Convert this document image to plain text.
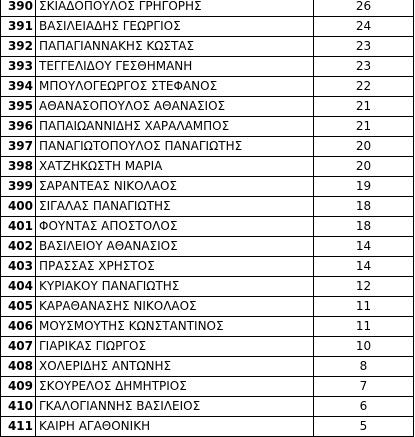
390	ΣΚΙΑΔΟΠΟΥΛΟΣ ΓΡΗΓΟΡΗΣ	26
391	ΒΑΣΙΛΕΙΑΔΗΣ ΓΕΩΡΓΙΟΣ	24
392	ΠΑΠΑΓΙΑΝΝΑΚΗΣ ΚΩΣΤΑΣ	23
393	ΤΕΓΓΕΛΙΔΟΥ ΓΕΣΘΗΜΑΝΗ	23
394	ΜΠΟΥΛΟΓΕΩΡΓΟΣ ΣΤΕΦΑΝΟΣ	22
395	ΑΘΑΝΑΣΟΠΟΥΛΟΣ ΑΘΑΝΑΣΙΟΣ	21
396	ΠΑΠΑΙΩΑΝΝΙΔΗΣ ΧΑΡΑΛΑΜΠΟΣ	21
397	ΠΑΝΑΓΙΩΤΟΠΟΥΛΟΣ ΠΑΝΑΓΙΩΤΗΣ	20
398	ΧΑΤΖΗΚΩΣΤΗ ΜΑΡΙΑ	20
399	ΣΑΡΑΝΤΕΑΣ ΝΙΚΟΛΑΟΣ	19
400	ΣΙΓΑΛΑΣ ΠΑΝΑΓΙΩΤΗΣ	18
401	ΦΟΥΝΤΑΣ ΑΠΟΣΤΟΛΟΣ	18
402	ΒΑΣΙΛΕΙΟΥ ΑΘΑΝΑΣΙΟΣ	14
403	ΠΡΑΣΣΑΣ ΧΡΗΣΤΟΣ	14
404	ΚΥΡΙΑΚΟΥ ΠΑΝΑΓΙΩΤΗΣ	12
405	ΚΑΡΑΘΑΝΑΣΗΣ ΝΙΚΟΛΑΟΣ	11
406	ΜΟΥΣΜΟΥΤΗΣ ΚΩΝΣΤΑΝΤΙΝΟΣ	11
407	ΓΙΑΡΙΚΑΣ ΓΙΩΡΓΟΣ	10
408	ΧΟΛΕΡΙΔΗΣ ΑΝΤΩΝΗΣ	8
409	ΣΚΟΥΡΕΛΟΣ ΔΗΜΗΤΡΙΟΣ	7
410	ΓΚΑΛΟΓΙΑΝΝΗΣ ΒΑΣΙΛΕΙΟΣ	6
411	ΚΑΙΡΗ ΑΓΑΘΟΝΙΚΗ	5
